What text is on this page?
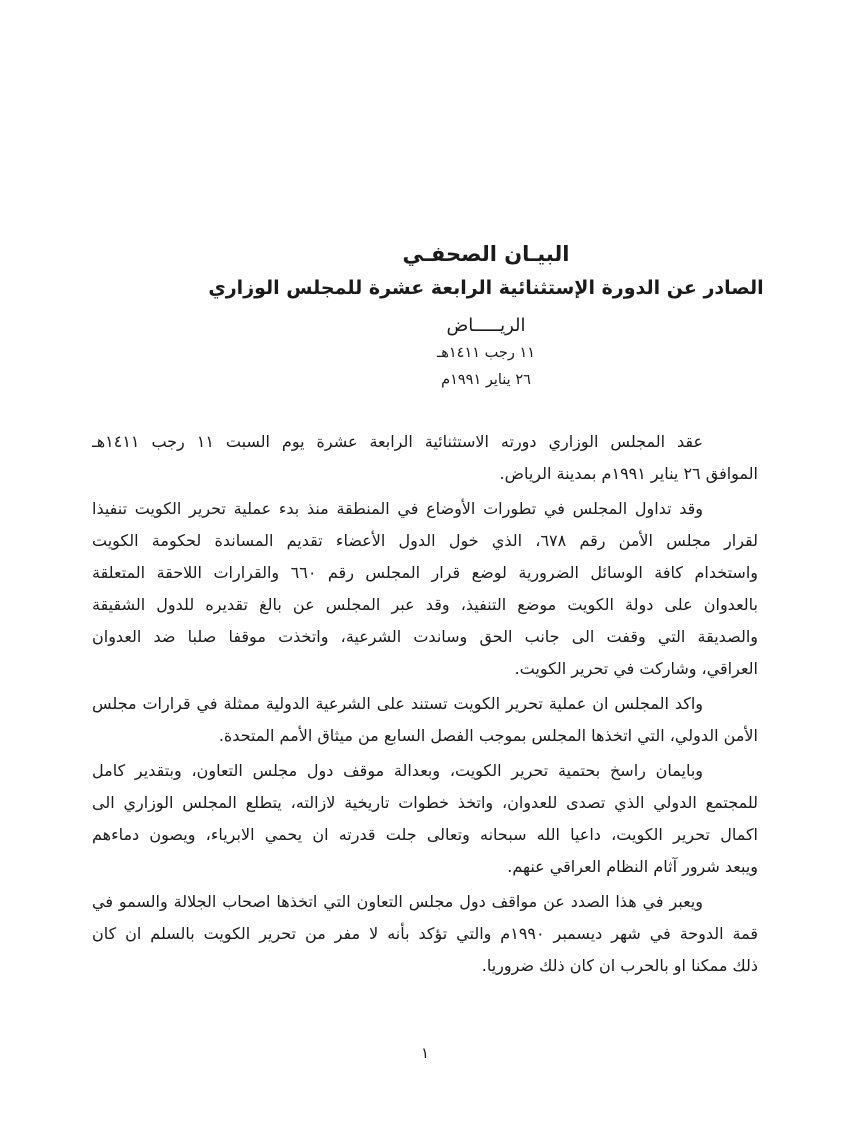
البيـان الصحفـي
الصادر عن الدورة الإستثنائية الرابعة عشرة للمجلس الوزاري
الريـــــاض
١١ رجب ١٤١١هـ
٢٦ يناير ١٩٩١م
عقد المجلس الوزاري دورته الاستثنائية الرابعة عشرة يوم السبت ١١ رجب ١٤١١هـ
الموافق ٢٦ يناير ١٩٩١م بمدينة الرياض.
وقد تداول المجلس في تطورات الأوضاع في المنطقة منذ بدء عملية تحرير الكويت تنفيذا
لقرار مجلس الأمن رقم ٦٧٨، الذي خول الدول الأعضاء تقديم المساندة لحكومة الكويت
واستخدام كافة الوسائل الضرورية لوضع قرار المجلس رقم ٦٦٠ والقرارات اللاحقة المتعلقة
بالعدوان على دولة الكويت موضع التنفيذ، وقد عبر المجلس عن بالغ تقديره للدول الشقيقة
والصديقة التي وقفت الى جانب الحق وساندت الشرعية، واتخذت موقفا صلبا ضد العدوان
العراقي، وشاركت في تحرير الكويت.
واكد المجلس ان عملية تحرير الكويت تستند على الشرعية الدولية ممثلة في قرارات مجلس
الأمن الدولي، التي اتخذها المجلس بموجب الفصل السابع من ميثاق الأمم المتحدة.
وبايمان راسخ بحتمية تحرير الكويت، وبعدالة موقف دول مجلس التعاون، وبتقدير كامل
للمجتمع الدولي الذي تصدى للعدوان، واتخذ خطوات تاريخية لازالته، يتطلع المجلس الوزاري الى
اكمال تحرير الكويت، داعيا الله سبحانه وتعالى جلت قدرته ان يحمي الابرياء، ويصون دماءهم
ويبعد شرور آثام النظام العراقي عنهم.
ويعبر في هذا الصدد عن مواقف دول مجلس التعاون التي اتخذها اصحاب الجلالة والسمو في
قمة الدوحة في شهر ديسمبر ١٩٩٠م والتي تؤكد بأنه لا مفر من تحرير الكويت بالسلم ان كان
ذلك ممكنا او بالحرب ان كان ذلك ضروريا.
١
